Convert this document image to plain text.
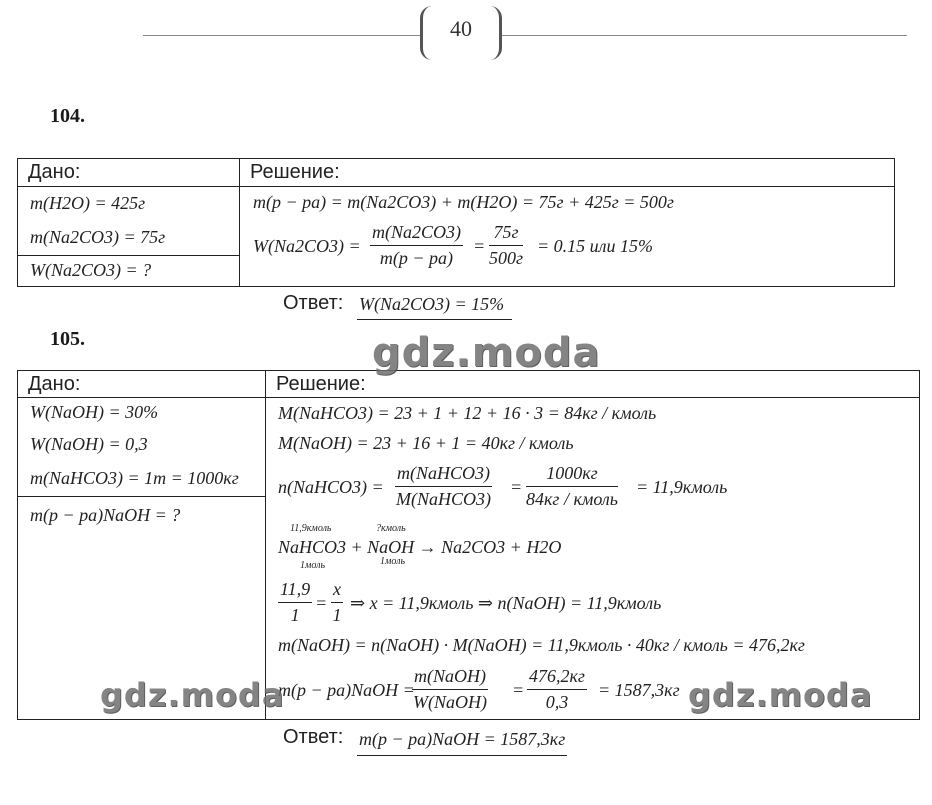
40
104.
Дано:	Решение:
m(H2O) = 425г
m(Na2CO3) = 75г
W(Na2CO3) = ?
m(p − pa) = m(Na2CO3) + m(H2O) = 75г + 425г = 500г
$W(Na2CO3) = \frac{m(Na2CO3)}{m(p - pa)}$ =
75г
500г
= 0.15 или 15%
Ответ: W(Na2CO3) = 15%
105.
Дано:	Решение:
W(NaOH) = 30%
W(NaOH) = 0,3
m(NaHCO3) = 1т = 1000кг
m(p − pa)NaOH = ?
M(NaHCO3) = 23 + 1 + 12 + 16 · 3 = 84кг / кмоль
M(NaOH) = 23 + 16 + 1 = 40кг / кмоль
n(NaHCO3) =
m(NaHCO3)
M(NaHCO3)
=
1000кг
84кг / кмоль
= 11,9кмоль
11,9кмоль	?кмоль
NaHCO3 + NaOH → Na2CO3 + H2O
1моль	1моль
$\frac{11,9}{1} = \frac{x}{1}$ ⇒ x = 11,9кмоль ⇒ n(NaOH) = 11,9кмоль
m(NaOH) = n(NaOH) · M(NaOH) = 11,9кмоль · 40кг / кмоль = 476,2кг
m(p − pa)NaOH =
m(NaOH)
W(NaOH)
=
476,2кг
0,3
= 1587,3кг
Ответ: m(p − pa)NaOH = 1587,3кг
gdz.moda
gdz.moda	gdz.moda
